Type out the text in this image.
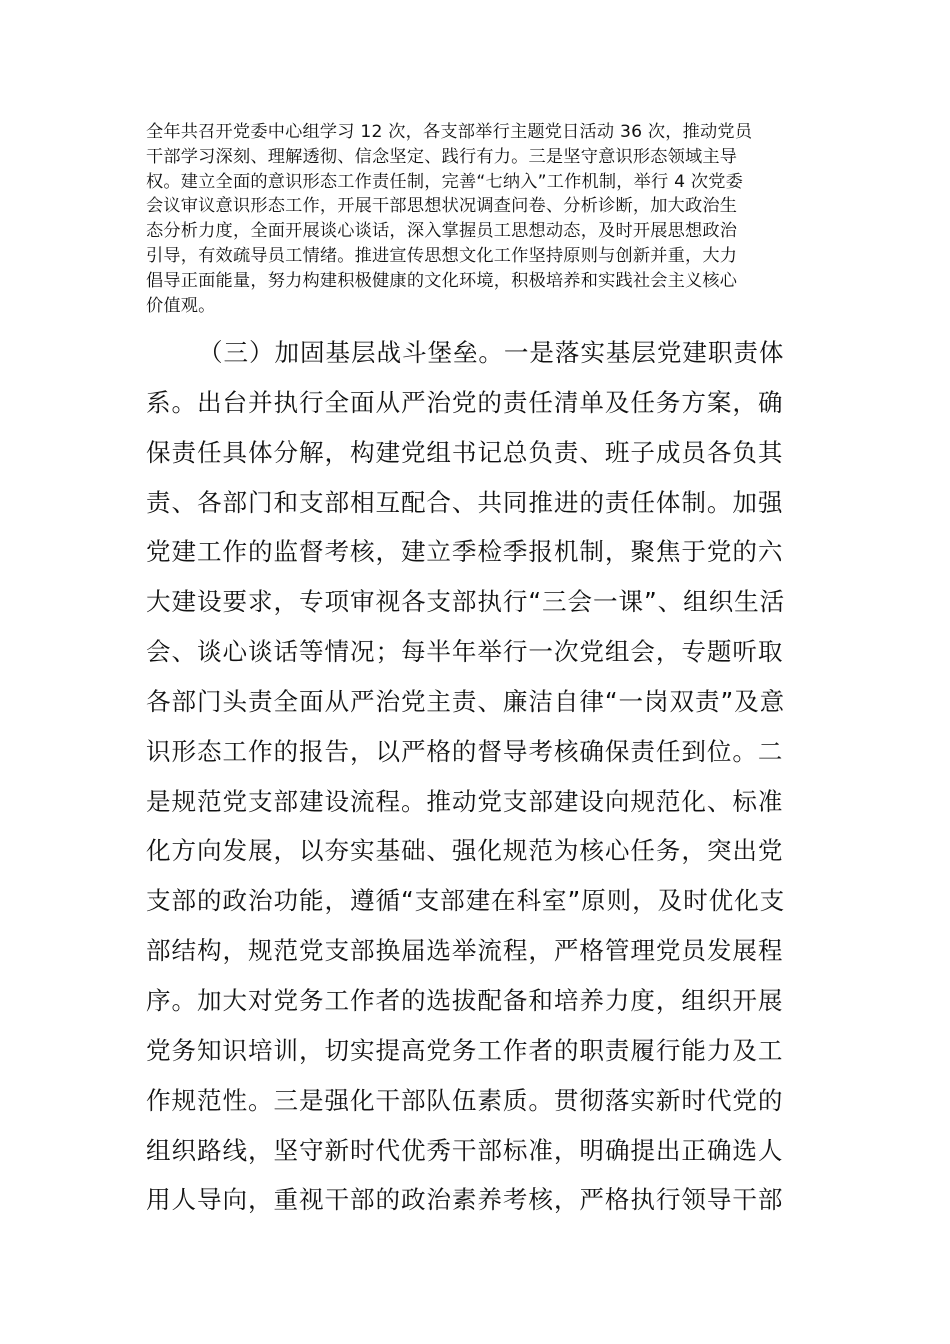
全年共召开党委中心组学习 12 次，各支部举行主题党日活动 36 次，推动党员
干部学习深刻、理解透彻、信念坚定、践行有力。三是坚守意识形态领域主导
权。建立全面的意识形态工作责任制，完善“七纳入”工作机制，举行 4 次党委
会议审议意识形态工作，开展干部思想状况调查问卷、分析诊断，加大政治生
态分析力度，全面开展谈心谈话，深入掌握员工思想动态，及时开展思想政治
引导，有效疏导员工情绪。推进宣传思想文化工作坚持原则与创新并重，大力
倡导正面能量，努力构建积极健康的文化环境，积极培养和实践社会主义核心
价值观。
（三）加固基层战斗堡垒。一是落实基层党建职责体
系。出台并执行全面从严治党的责任清单及任务方案，确
保责任具体分解，构建党组书记总负责、班子成员各负其
责、各部门和支部相互配合、共同推进的责任体制。加强
党建工作的监督考核，建立季检季报机制，聚焦于党的六
大建设要求，专项审视各支部执行“三会一课”、组织生活
会、谈心谈话等情况；每半年举行一次党组会，专题听取
各部门头责全面从严治党主责、廉洁自律“一岗双责”及意
识形态工作的报告，以严格的督导考核确保责任到位。二
是规范党支部建设流程。推动党支部建设向规范化、标准
化方向发展，以夯实基础、强化规范为核心任务，突出党
支部的政治功能，遵循“支部建在科室”原则，及时优化支
部结构，规范党支部换届选举流程，严格管理党员发展程
序。加大对党务工作者的选拔配备和培养力度，组织开展
党务知识培训，切实提高党务工作者的职责履行能力及工
作规范性。三是强化干部队伍素质。贯彻落实新时代党的
组织路线，坚守新时代优秀干部标准，明确提出正确选人
用人导向，重视干部的政治素养考核，严格执行领导干部
